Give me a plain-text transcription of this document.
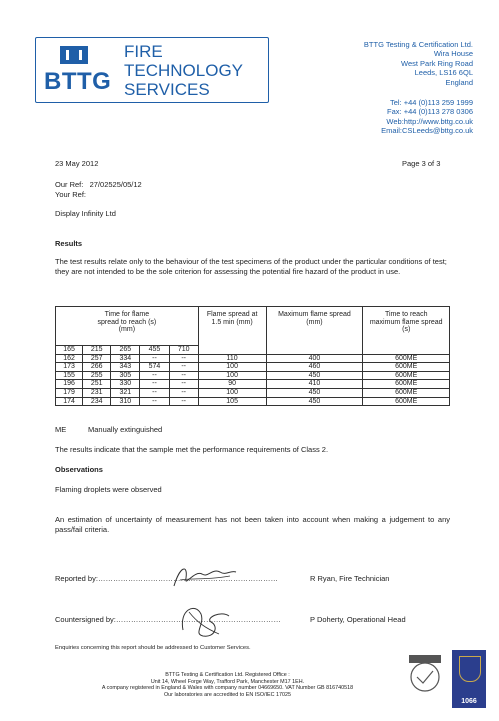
BTTG
FIRE
TECHNOLOGY
SERVICES
BTTG Testing & Certification Ltd.
Wira House
West Park Ring Road
Leeds, LS16 6QL
England
Tel: +44 (0)113 259 1999
Fax: +44 (0)113 278 0306
Web:http://www.bttg.co.uk
Email:CSLeeds@bttg.co.uk
23 May 2012	Page 3 of 3
Our Ref:   27/02525/05/12
Your Ref:
Display Infinity Ltd
Results
The test results relate only to the behaviour of the test specimens of the product under the particular conditions of test; they are not intended to be the sole criterion for assessing the potential fire hazard of the product in use.
Time for flame spread to reach (s) (mm)					Flame spread at 1.5 min (mm)	Maximum flame spread (mm)	Time to reach maximum flame spread (s)
165	215	265	455	710			
162	257	334	--	--	110	400	600ME
173	266	343	574	--	100	460	600ME
155	255	305	--	--	100	450	600ME
196	251	330	--	--	90	410	600ME
179	231	321	--	--	100	450	600ME
174	234	310	--	--	105	450	600ME
ME	Manually extinguished
The results indicate that the sample met the performance requirements of Class 2.
Observations
Flaming droplets were observed
An estimation of uncertainty of measurement has not been taken into account when making a judgement to any pass/fail criteria.
Reported by:………………………………………………………………	R Ryan, Fire Technician
Countersigned by:…………………………………………………………	P Doherty, Operational Head
Enquiries concerning this report should be addressed to Customer Services.
BTTG Testing & Certification Ltd. Registered Office :
Unit 14, Wheel Forge Way, Trafford Park, Manchester M17 1EH.
A company registered in England & Wales with company number 04669650. VAT Number GB 816740518
Our laboratories are accredited to EN ISO/IEC 17025
1066
